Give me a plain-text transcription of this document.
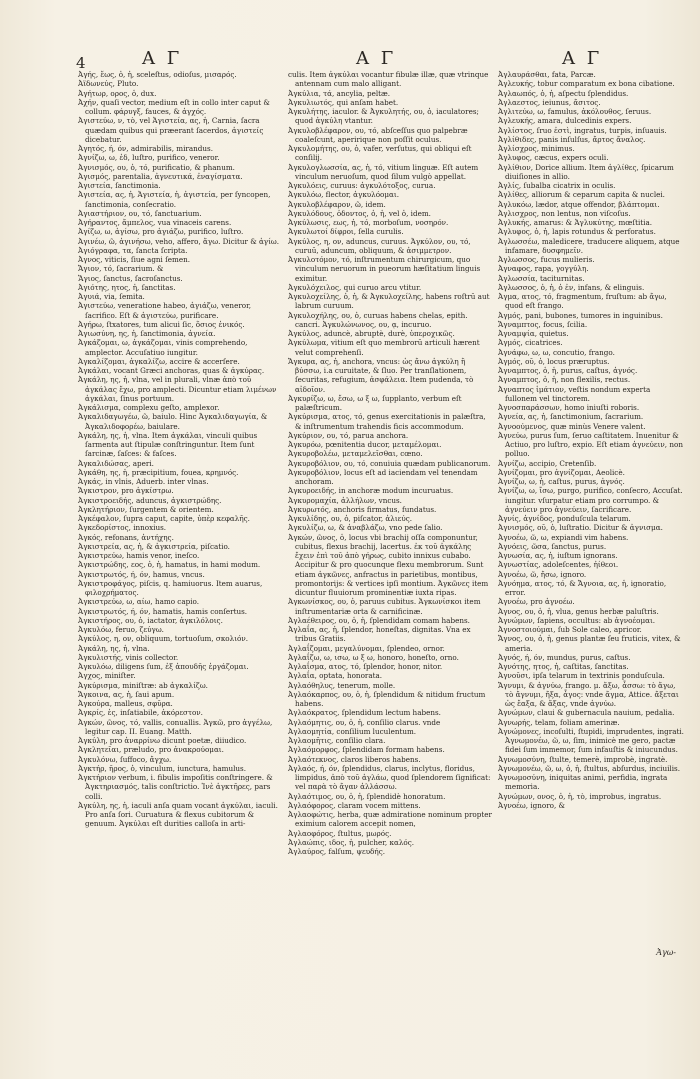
4	Α Γ	Α Γ	Α Γ

Ἀγής, ἔως, ὁ, ἡ, sceleſtus, odioſus, μισαρός.

Ἀϊδωνεύς, Pluto.

Ἀγήτωρ, ορος, ὁ, dux.

Ἀχήν, quaſi vector, medium eſt in collo inter caput & collum. φάρυγξ, fauces, & ἀγχός.

Ἀγιστεύω, ν, τὸ, vel Ἀγιστεία, ας, ἡ, Carnia, ſacra quædam quibus qui præerant ſacerdos, ἀγιστείς dicebatur.

Ἀγητός, ή, όν, admirabilis, mirandus.

Ἀγνίζω, ω, ἐδ, luſtro, purifico, veneror.

Ἀγνισμός, ου, ὁ, τό, purificatio, & phanum.

Ἀγισμός, parentalia, ἀγνευτικά, ἐναγίσματα.

Ἀγιστεία, ſanctimonia.

Ἀγιστεία, ας, ἡ, Ἀγιστεία, ἡ, ἀγιστεία, per ſyncopen, ſanctimonia, conſecratio.

Ἀγιαστήριον, ου, τό, ſanctuarium.

Ἀγήραντος, ἄμπελος, vua vinaceis carens.

Ἀγίζω, ω, ἀγίσω, pro ἁγιάζω, purifico, luſtro.

Ἀγινέω, ῶ, ἀγινήσω, veho, affero, ἄγω. Dicitur & ἀγίω.

Ἀγιόγραφα, τα, ſancta ſcripta.

Ἀγνος, viticis, ſiue agni ſemen.

Ἄγιον, τό, ſacrarium. &

Ἅγιος, ſanctus, ſacroſanctus.

Ἀγιότης, ητος, ἡ, ſanctitas.

Ἀγυιά, via, ſemita.

Ἀγιστεύω, veneratione habeo, ἀγιάζω, veneror, ſacrifico. Eſt & ἀγιστεύω, purificare.

Ἀγήρω, ſtxatores, tum alicui ſic, ὅσιος ἐνικός.

Ἀγιωσύνη, ης, ἡ, ſanctimonia, ἁγνεία.

Ἀγκάζομαι, ω, ἀγκάζομαι, vinis comprehendo, amplector. Accuſatiuo iungitur.

Ἀγκαλίζομαι, ἀγκαλίζω, accire & accerſere.

Ἀγκάλαι, vocant Græci anchoras, quas & ἀγκύρας.

Ἀγκάλη, ης, ἡ, vlna, vel in plurali, vlnæ ἀπὸ τοῦ ἀγκάλας ἔχω, pro amplecti. Dicuntur etiam λιμένων ἀγκάλαι, ſinus portuum.

Ἀγκάλισμα, complexu geſto, amplexor.

Ἀγκαλιδαγωγέω, ῶ, baiulo. Hinc Ἀγκαλιδαγωγία, & Ἀγκαλιδοφορέω, baiulare.

Ἀγκάλη, ης, ἡ, vlna. Item ἀγκάλαι, vinculi quibus ſarmenta aut ſtipulæ conſtringuntur. Item ſunt ſarcinæ, ſaſces: & faſces.

Ἀγκαλιδώσας, aperi.

Ἀγκάθη, ης, ἡ, præcipitium, fouea, κρημνός.

Ἀγκάς, in vlnis, Aduerb. inter vlnas.

Ἄγκιστρον, pro ἀγκίστρω.

Ἀγκιστροειδής, aduncus, ἀγκιστρώδης.

Ἀγκλητήριον, ſurgentem & orientem.

Ἀγκέφαλον, ſupra caput, capite, ὑπὲρ κεφαλῆς.

Ἀγκεδορίστος, innoxius.

Ἀγκός, refonans, ἀντήχης.

Ἀγκιστρεία, ας, ἡ, & ἀγκιστρεία, piſcatio.

Ἀγκιστρεύω, hamis venor, ineſco.

Ἀγκιστρώδης, εος, ὁ, ἡ, hamatus, in hami modum.

Ἀγκιστρωτός, ή, όν, hamus, vncus.

Ἀγκιστροφάγος, piſcis, q. hamiuorus. Item auarus, φιλοχρήματος.

Ἀγκιστρεύω, ω, αίω, hamo capio.

Ἀγκιστρωτός, ή, όν, hamatis, hamis conſertus.

Ἀγκιστήρος, ου, ὁ, iactator, ἀγκιλόλοις.

Ἀγκυλόω, feruo, ζεύγω.

Ἀγκύλος, η, ον, obliquum, tortuoſum, σκολιόν.

Ἀγκάλη, ης, ἡ, vlna.

Ἀγκυλιστής, vinis collector.

Ἀγκυλόω, diligens ſum, ἐξ ἀπουδῆς ἐργάζομαι.

Ἀγχος, miniſter.

Ἀγκύρισμα, miniſtræ: ab ἀγκαλίζω.

Ἄγκοινα, ας, ἡ, ſaui apum.

Ἀγκούρα, malleus, σφῦρα.

Ἀγκρίς, ἐς, inſatiabile, ἀκόρεστον.

Ἀγκών, ῶνος, τό, vallis, conuallis. Ἀγκῶ, pro ἀγγέλω, legitur cap. II. Euang. Matth.

Ἀγκύλη, pro ἀναρρίνω dicunt poetæ, diiudico.

Ἀγκλητεῖαι, præludo, pro ἀνακρούομαι.

Ἀγκυλόνω, ſuffoco, ἄγχω.

Ἀγκτήρ, ῆρος, ὁ, vinculum, iunctura, hamulus.

Ἀγκτήριον verbum, i. fibulis impoſitis conſtringere. & Ἀγκτηριασμός, talis conſtrictio. Ἰνὲ ἀγκτῆρες, pars colli.

Ἀγκύλη, ης, ἡ, iaculi anſa quam vocant ἀγκύλαι, iaculi. Pro anſa ſori. Curuatura & flexus cubitorum & genuum. Ἀγκύλαι eſt durities calloſa in arti-

culis. Item ἀγκύλαι vocantur fibulæ illæ, quæ vtrinque antennam cum malo alligant.

Ἀγκύλια, τά, ancylia, peltæ.

Ἀγκυλιωτός, qui anſam habet.

Ἀγκυλήτης, iaculor. & Ἀγκυλητής, ου, ὁ, iaculatores; quod ἀγκύλη vtantur.

Ἀγκυλοβλέφαρον, ου, τό, abſceſſus quo palpebræ coaleſcunt, aperirique non poſſit oculus.

Ἀγκυλομήτης, ου, ὁ, vafer, verſutus, qui obliqui eſt conſilij.

Ἀγκυλογλωσσία, ας, ἡ, τό, vitium linguæ. Eſt autem vinculum neruoſum, quod ſilum vulgò appellat.

Ἀγκυλόεις, curuus: ἀγκυλότοξος, curua.

Ἀγκυλόω, flector, ἀγκυλόομαι.

Ἀγκυλοβλέφαρον, ῶ, idem.

Ἀγκυλόδους, ὀδοντος, ὁ, ἡ, vel ὁ, idem.

Ἀγκύλωσις, εως, ἡ, τό, morboſum, νοσηρόν.

Ἀγκυλωτοί δίφροι, ſella curulis.

Ἀγκύλος, η, ον, aduncus, curuus. Ἀγκύλον, ου, τό, curuū, aduncum, obliquum, & ἀσιμμετρον.

Ἀγκυλοτόμον, τό, inſtrumentum chirurgicum, quo vinculum neruorum in pueorum hæſitatium linguis eximitur.

Ἀγκυλόχειλος, qui curuo arcu vtitur.

Ἀγκυλοχείλης, ὁ, ἡ, & Ἀγκυλοχείλης, habens roſtrū aut labrum curuum.

Ἀγκυλοχήλης, ου, ὁ, curuas habens chelas, epith. cancri. Ἀγκυλώνωνος, ου, ᾳ, incuruo.

Ἀγκύλος, aduncè, abruptè, durè, ὑπεροχικῶς.

Ἀγκύλωμα, vitium eſt quo membrorū articuli hærent velut comprehenſi.

Ἄγκυρα, ας, ἡ, anchora, vncus: ὡς ἄνω ἀγκύλη ἢ βύσσω, i.a curuitate, & ſluo. Per tranſlationem, ſecuritas, refugium, ἀσφάλεια. Item pudenda, τὸ αἰδοῖον.

Ἀγκυρίζω, ω, ἔσω, ω ξ ω, ſupplanto, verbum eſt palæſtricum.

Ἀγκύρισμα, ατος, τό, genus exercitationis in palæſtra, & inſtrumentum trahendis ficis accommodum.

Ἀγκύριον, ου, τό, parua anchora.

Ἀγκυρόω, pœnitentia ducor, μεταμέλομαι.

Ἀγκυροβολέω, μεταμελεῖσθαι, cœno.

Ἀγκυροβόλιον, ου, τό, conuiuia quædam publicanorum.

Ἀγκυροβόλιον, locus eſt ad iaciendam vel tenendam anchoram.

Ἀγκυροειδής, in anchoræ modum incuruatus.

Ἀγκυρομαχία, ἀλλήλων, vncus.

Ἀγκυρωτός, anchoris firmatus, fundatus.

Ἀγκυλίδης, ου, ὁ, piſcator, ἁλιεύς.

Ἀγκυλίζω, ω, & ἀναβλάζω, vno pede ſalio.

Ἀγκών, ῶνος, ὁ, locus vbi brachij oſſa componuntur, cubitus, flexus brachij, lacertus. ἐκ τοῦ ἀγκάλης ἔχειν ἐπὶ τοῦ ἀπὸ γήρως, cubito innixus cubabo. Accipitur & pro quocunque flexu membrorum. Sunt etiam ἀγκῶνες, anfractus in parietibus, montibus, promontorijs: & vertices ipſi montium. Ἀγκῶνες item dicuntur fluuiorum prominentiæ iuxta ripas.

Ἀγκωνίσκος, ου, ὁ, paruus cubitus. Ἀγκωνίσκοι item inſtrumentariæ orta & carnificinæ.

Ἀγλαέθειρος, ου, ὁ, ἡ, ſplendidam comam habens.

Ἀγλαΐα, ας, ἡ, ſplendor, honeſtas, dignitas. Vna ex tribus Gratiis.

Ἀγλαΐζομαι, μεγαλύνομαι, ſplendeo, ornor.

Ἀγλαΐζω, ω, ισω, ω ξ ω, honoro, honeſto, orno.

Ἀγλαΐσμα, ατος, τό, ſplendor, honor, nitor.

Ἀγλαΐα, optata, honorata.

Ἀγλαόθηλυς, tenerum, molle.

Ἀγλαόκαρπος, ου, ὁ, ἡ, ſplendidum & nitidum fructum habens.

Ἀγλαόκρατος, ſplendidum lectum habens.

Ἀγλαόμητις, ου, ὁ, ἡ, conſilio clarus. vnde

Ἀγλαομητία, conſilium luculentum.

Ἀγλαομῆτις, conſilio clara.

Ἀγλαόμορφος, ſplendidam formam habens.

Ἀγλαότεκνος, claros liberos habens.

Ἀγλαός, ή, όν, ſplendidus, clarus, inclytus, floridus, limpidus, ἀπὸ τοῦ ἀγλάω, quod ſplendorem ſignificat: vel παρὰ τὸ ἄγαν ἀλλάσσω.

Ἀγλαότιμος, ου, ὁ, ἡ, ſplendidè honoratum.

Ἀγλαόφορος, claram vocem mittens.

Ἀγλαοφώτις, herba, quæ admiratione nominum propter eximium calorem accepit nomen,

Ἀγλαοφόρος, ſtultus, μωρός.

Ἀγλαώπις, ιδος, ἡ, pulcher, καλός.

Ἀγλαύρος, falſum, ψευδής.

Ἀγλαυράσθαι, fata, Parcæ.

Ἀγλευκής, tobur comparatum ex bona cibatione.

Ἀγλαωπός, ὁ, ἡ, aſpectu ſplendidus.

Ἀγλαεστος, ieiunus, ἄσιτος.

Ἀγλιτεύω, ω, famulus, ἀκόλουθος, ſeruus.

Ἀγλευκής, amara, dulcedinis expers.

Ἀγλίστος, ſruo ἐστὶ, ingratus, turpis, inſuauis.

Ἀγλίθιδες, panis inſulſus, ἄρτος ἄναλος.

Ἀγλίσχρος, minimus.

Ἀγλυφος, cæcus, expers oculi.

Ἀγλίθιον, Dorice allium. Item ἀγλίθες, ſpicarum diuiſiones in allio.

Ἀγλίς, ſubalba cicatrix in oculis.

Ἀγλίθες, alliorum & ceparum capita & nuclei.

Ἀγλυκόω, lædor, atque offendor, βλάπτομαι.

Ἀγλισχρος, non lentus, non viſcoſus.

Ἀγλυκής, amarus: & Ἀγλυκύτης, mœſtitia.

Ἀγλυφος, ὁ, ἡ, lapis rotundus & perforatus.

Ἀγλωσσέω, maledicere, traducere aliquem, atque infamare, δυσφημεῖν.

Ἀγλωσσος, fucus mulieris.

Ἀγναφος, rapa, γογγύλη.

Ἀγλωσσία, taciturnitas.

Ἀγλωσσος, ὁ, ἡ, ὁ ἐν, infans, & elinguis.

Ἀγμα, ατος, τό, fragmentum, fruſtum: ab ἄγω, quod eſt frango.

Ἀγμός, pani, bubones, tumores in inguinibus.

Ἄγναμπτος, focus, ſcilia.

Ἀγναμψία, quietus.

Ἀγμός, cicatrices.

Ἀγνάφω, ω, ω, concutio, frango.

Ἀγμός, οῦ, ὁ, locus præruptus.

Ἀγναμπτος, ὁ, ἡ, purus, caſtus, ἁγνός.

Ἀγναμπτος, ὁ, ἡ, non flexilis, rectus.

Ἀγναπτος ἱμάτιον, veſtis nondum experta fullonem vel tinctorem.

Ἀγνοσπαράσσων, homo iniuſti roboris.

Ἀγνεία, ας, ἡ, ſanctimonium, ſacrarium.

Ἀγνοούμενος, quæ minùs Venere valent.

Ἀγνεύω, purus ſum, ſeruo caſtitatem. Inuenitur & Actiuo, pro luſtro, expio. Eſt etiam ἀγνεύειν, non polluo.

Ἀγνίζω, accipio, Cretenſib.

Ἀγνίζομαι, pro ἀγνίζομαι, Aeolicè.

Ἀγνίζω, ω, ἡ, caſtus, purus, ἁγνός.

Ἀγνίζω, ω, ἴσω, purgo, purifico, conſecro, Accuſat. iungitur. vſurpatur etiam pro corrumpo. & ἀγνεύειν pro ἀγνεύειν, ſacrificare.

Ἀγνίς, ἀγνίδος, ponduſcula telarum.

Ἀγνισμός, οῦ, ὁ, luſtratio. Dicitur & ἀγνισμα.

Ἀγνοέω, ῶ, ω, expiandi vim habens.

Ἀγνόεις, ῶσα, ſanctus, purus.

Ἀγνωσία, ας, ἡ, iuſtum ignorans.

Ἀγνωστίας, adoleſcentes, ἠίθεοι.

Ἀγνοέω, ῶ, ἤσω, ignoro.

Ἀγνόημα, ατος, τό, & Ἄγνοια, ας, ἡ, ignoratio, error.

Ἀγνοέω, pro ἀγνοέω.

Ἀγνος, ου, ὁ, ἡ, vlua, genus herbæ paluſtris.

Ἀγνώμων, ſapiens, occultus: ab ἀγνοέομαι.

Ἀγνοστοιούμαι, ſub Sole caleo, apricor.

Ἄγνος, ου, ὁ, ἡ, genus plantæ ſeu fruticis, vitex, & ameria.

Ἀγνός, ή, όν, mundus, purus, caſtus.

Ἀγνότης, ητος, ἡ, caſtitas, ſanctitas.

Ἀγνοῦσι, ipſa telarum in textrinis ponduſcula.

Ἄγνυμι, & ἀγνύω, frango. μ. ἄξω, ἆσσω: τὸ ἄγω, τὸ ἄγνυμι, ἤξα, ἆγος: vnde ἄγμα, Attice. ἄξεται ὡς ἔαξα, & ἄξας, vnde ἀγνύω.

Ἀγνώμων, claui & gubernacula nauium, pedalia.

Ἀγνωρής, telam, foliam amerinæ.

Ἀγνώμονες, incoſulti, ſtupidi, imprudentes, ingrati. Ἀγνωμονέω, ῶ, ω, ſim, inimicè me gero, pactæ fidei ſum immemor, ſum infauſtis & iniucundus.

Ἀγνωμοσύνη, ſtulte, temerè, improbè, ingratè.

Ἀγνωμονέω, ῶ, ω, ὁ, ἡ, ſtultus, abſurdus, inciuilis.

Ἀγνωμοσύνη, iniquitas animi, perfidia, ingrata memoria.

Ἀγνώμων, ονος, ὁ, ἡ, τὸ, improbus, ingratus.

Ἀγνοέω, ignoro, &

Ἀγω-
